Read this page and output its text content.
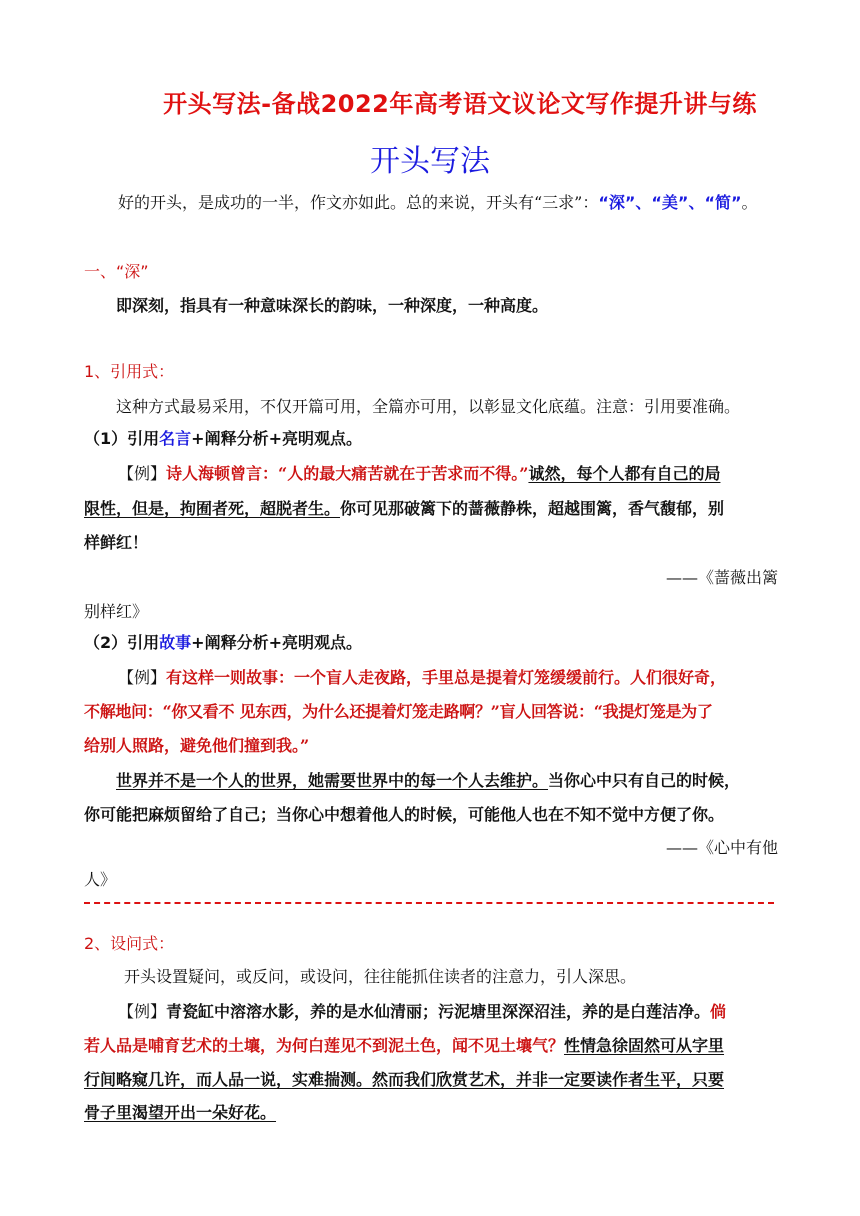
开头写法-备战2022年高考语文议论文写作提升讲与练
开头写法
好的开头，是成功的一半，作文亦如此。总的来说，开头有“三求”：“深”、“美”、“简”。
一、“深”
即深刻，指具有一种意味深长的韵味，一种深度，一种高度。
1、引用式：
这种方式最易采用，不仅开篇可用，全篇亦可用，以彰显文化底蕴。注意：引用要准确。
（1）引用名言+阐释分析+亮明观点。
【例】诗人海顿曾言：“人的最大痛苦就在于苦求而不得。”诚然，每个人都有自己的局
限性，但是，拘囿者死，超脱者生。你可见那破篱下的蔷薇静株，超越围篱，香气馥郁，别
样鲜红！
——《蔷薇出篱
别样红》
（2）引用故事+阐释分析+亮明观点。
【例】有这样一则故事：一个盲人走夜路，手里总是提着灯笼缓缓前行。人们很好奇，
不解地问：“你又看不 见东西，为什么还提着灯笼走路啊？”盲人回答说：“我提灯笼是为了
给别人照路，避免他们撞到我。”
世界并不是一个人的世界，她需要世界中的每一个人去维护。当你心中只有自己的时候，
你可能把麻烦留给了自己；当你心中想着他人的时候，可能他人也在不知不觉中方便了你。
——《心中有他
人》
2、设问式：
开头设置疑问，或反问，或设问，往往能抓住读者的注意力，引人深思。
【例】青瓷缸中溶溶水影，养的是水仙清丽；污泥塘里深深沼洼，养的是白莲洁净。倘
若人品是哺育艺术的土壤，为何白莲见不到泥土色，闻不见土壤气？性情急徐固然可从字里
行间略窥几许，而人品一说，实难揣测。然而我们欣赏艺术，并非一定要读作者生平，只要
骨子里渴望开出一朵好花。
